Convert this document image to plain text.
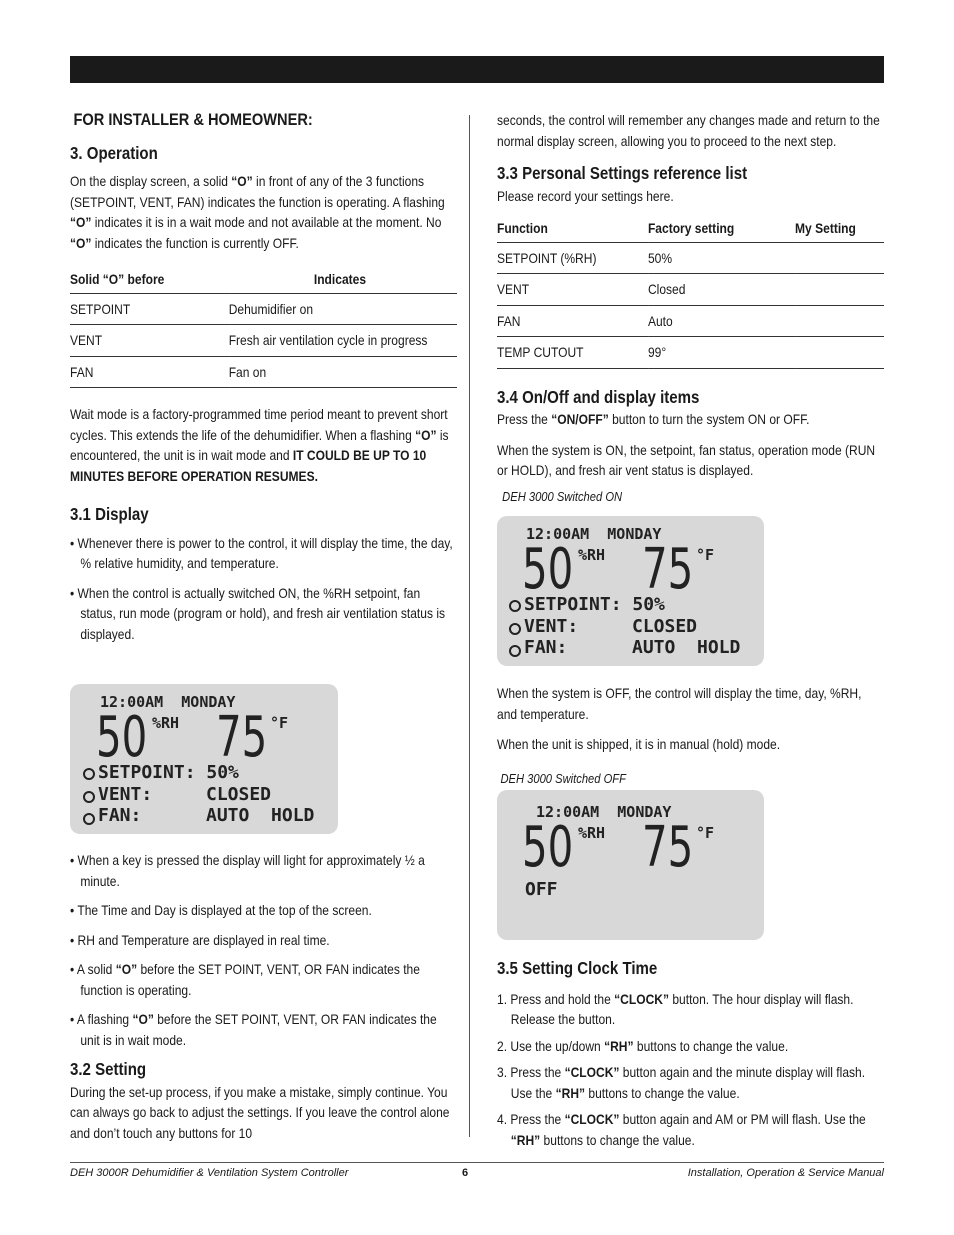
FOR INSTALLER & HOMEOWNER:
3. Operation

On the display screen, a solid “O” in front of any of the 3 functions (SETPOINT, VENT, FAN) indicates the function is operating. A flashing “O” indicates it is in a wait mode and not available at the moment. No “O” indicates the function is currently OFF.

Solid “O” before	Indicates
SETPOINT	Dehumidifier on
VENT	Fresh air ventilation cycle in progress
FAN	Fan on

Wait mode is a factory-programmed time period meant to prevent short cycles. This extends the life of the dehumidifier. When a flashing “O” is encountered, the unit is in wait mode and IT COULD BE UP TO 10 MINUTES BEFORE OPERATION RESUMES.

3.1 Display
• Whenever there is power to the control, it will display the time, the day, % relative humidity, and temperature.
• When the control is actually switched ON, the %RH setpoint, fan status, run mode (program or hold), and fresh air ventilation status is displayed.
12:00AM  MONDAY
50 %RH 75 °F
SETPOINT: 50%
VENT:	CLOSED
FAN:	AUTO  HOLD
• When a key is pressed the display will light for approximately ½ a minute.
• The Time and Day is displayed at the top of the screen.
• RH and Temperature are displayed in real time.
• A solid “O” before the SET POINT, VENT, OR FAN indicates the function is operating.
• A flashing “O” before the SET POINT, VENT, OR FAN indicates the unit is in wait mode.
3.2 Setting

During the set-up process, if you make a mistake, simply continue. You can always go back to adjust the settings. If you leave the control alone and don’t touch any buttons for 10

seconds, the control will remember any changes made and return to the normal display screen, allowing you to proceed to the next step.

3.3 Personal Settings reference list

Please record your settings here.

Function	Factory setting	My Setting
SETPOINT (%RH)	50%	
VENT	Closed	
FAN	Auto	
TEMP CUTOUT	99°	
3.4 On/Off and display items

Press the “ON/OFF” button to turn the system ON or OFF.

When the system is ON, the setpoint, fan status, operation mode (RUN or HOLD), and fresh air vent status is displayed.

DEH 3000 Switched ON
12:00AM  MONDAY
50 %RH 75 °F
SETPOINT: 50%
VENT:	CLOSED
FAN:	AUTO  HOLD

When the system is OFF, the control will display the time, day, %RH, and temperature.

When the unit is shipped, it is in manual (hold) mode.

DEH 3000 Switched OFF
12:00AM  MONDAY
50 %RH 75 °F
OFF
3.5 Setting Clock Time
1. Press and hold the “CLOCK” button. The hour display will flash. Release the button.
2. Use the up/down “RH” buttons to change the value.
3. Press the “CLOCK” button again and the minute display will flash. Use the “RH” buttons to change the value.
4. Press the “CLOCK” button again and AM or PM will flash. Use the “RH” buttons to change the value.
DEH 3000R Dehumidifier & Ventilation System Controller	6	Installation, Operation & Service Manual
